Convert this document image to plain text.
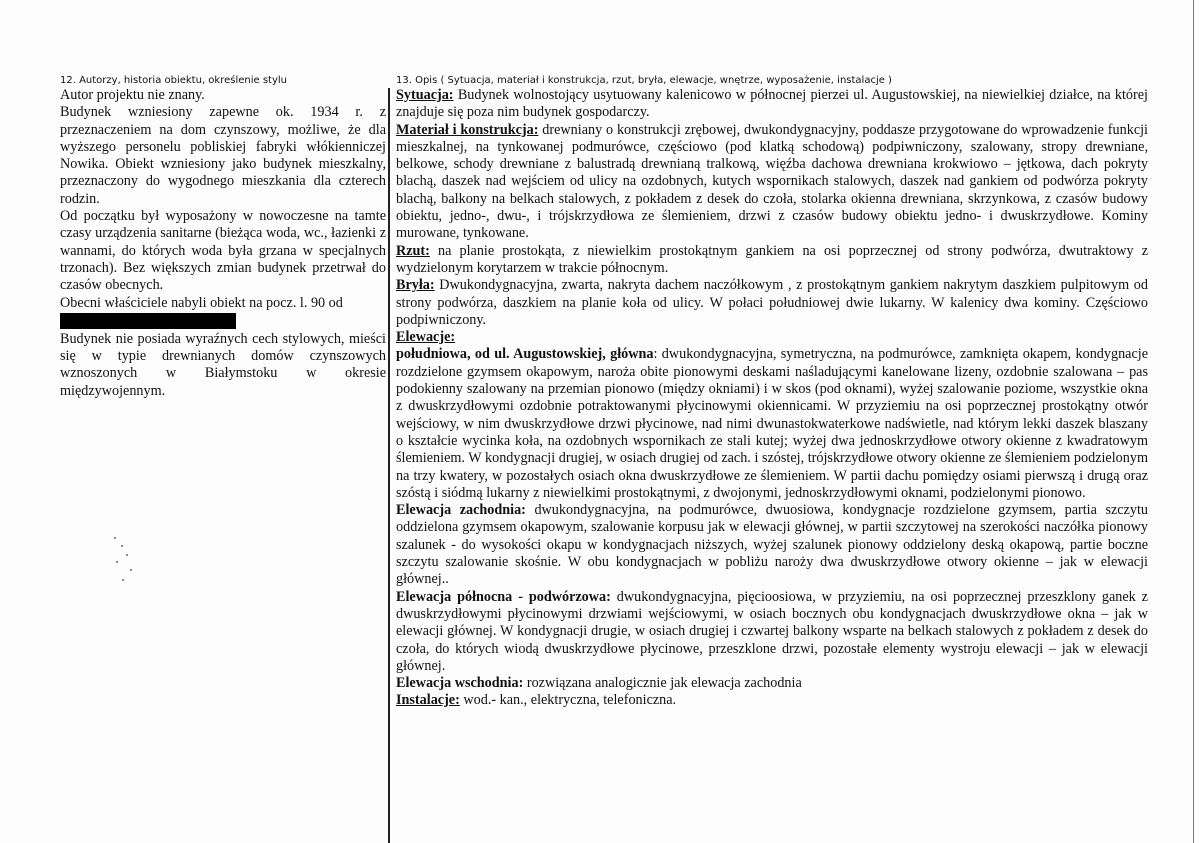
12. Autorzy, historia obiektu, określenie stylu

Autor projektu nie znany.

Budynek wzniesiony zapewne ok. 1934 r. z przeznaczeniem na dom czynszowy, możliwe, że dla wyższego personelu pobliskiej fabryki włókienniczej Nowika. Obiekt wzniesiony jako budynek mieszkalny, przeznaczony do wygodnego mieszkania dla czterech rodzin.

Od początku był wyposażony w nowoczesne na tamte czasy urządzenia sanitarne (bieżąca woda, wc., łazienki z wannami, do których woda była grzana w specjalnych trzonach). Bez większych zmian budynek przetrwał do czasów obecnych.

Obecni właściciele nabyli obiekt na pocz. l. 90 od

Budynek nie posiada wyraźnych cech stylowych, mieści się w typie drewnianych domów czynszowych wznoszonych w Białymstoku w okresie międzywojennym.

13. Opis ( Sytuacja, materiał i konstrukcja, rzut, bryła, elewacje, wnętrze, wyposażenie, instalacje )

Sytuacja: Budynek wolnostojący usytuowany kalenicowo w północnej pierzei ul. Augustowskiej, na niewielkiej działce, na której znajduje się poza nim budynek gospodarczy.

Materiał i konstrukcja: drewniany o konstrukcji zrębowej, dwukondygnacyjny, poddasze przygotowane do wprowadzenie funkcji mieszkalnej, na tynkowanej podmurówce, częściowo (pod klatką schodową) podpiwniczony, szalowany, stropy drewniane, belkowe, schody drewniane z balustradą drewnianą tralkową, więźba dachowa drewniana krokwiowo – jętkowa, dach pokryty blachą, daszek nad wejściem od ulicy na ozdobnych, kutych wspornikach stalowych, daszek nad gankiem od podwórza pokryty blachą, balkony na belkach stalowych, z pokładem z desek do czoła, stolarka okienna drewniana, skrzynkowa, z czasów budowy obiektu, jedno-, dwu-, i trójskrzydłowa ze ślemieniem, drzwi z czasów budowy obiektu jedno- i dwuskrzydłowe. Kominy murowane, tynkowane.

Rzut: na planie prostokąta, z niewielkim prostokątnym gankiem na osi poprzecznej od strony podwórza, dwutraktowy z wydzielonym korytarzem w trakcie północnym.

Bryła: Dwukondygnacyjna, zwarta, nakryta dachem naczółkowym , z prostokątnym gankiem nakrytym daszkiem pulpitowym od strony podwórza, daszkiem na planie koła od ulicy. W połaci południowej dwie lukarny. W kalenicy dwa kominy. Częściowo podpiwniczony.

Elewacje:

południowa, od ul. Augustowskiej, główna: dwukondygnacyjna, symetryczna, na podmurówce, zamknięta okapem, kondygnacje rozdzielone gzymsem okapowym, naroża obite pionowymi deskami naśladującymi kanelowane lizeny, ozdobnie szalowana – pas podokienny szalowany na przemian pionowo (między okniami) i w skos (pod oknami), wyżej szalowanie poziome, wszystkie okna z dwuskrzydłowymi ozdobnie potraktowanymi płycinowymi okiennicami. W przyziemiu na osi poprzecznej prostokątny otwór wejściowy, w nim dwuskrzydłowe drzwi płycinowe, nad nimi dwunastokwaterkowe nadświetle, nad którym lekki daszek blaszany o kształcie wycinka koła, na ozdobnych wspornikach ze stali kutej; wyżej dwa jednoskrzydłowe otwory okienne z kwadratowym ślemieniem. W kondygnacji drugiej, w osiach drugiej od zach. i szóstej, trójskrzydłowe otwory okienne ze ślemieniem podzielonym na trzy kwatery, w pozostałych osiach okna dwuskrzydłowe ze ślemieniem. W partii dachu pomiędzy osiami pierwszą i drugą oraz szóstą i siódmą lukarny z niewielkimi prostokątnymi, z dwojonymi, jednoskrzydłowymi oknami, podzielonymi pionowo.

Elewacja zachodnia: dwukondygnacyjna, na podmurówce, dwuosiowa, kondygnacje rozdzielone gzymsem, partia szczytu oddzielona gzymsem okapowym, szalowanie korpusu jak w elewacji głównej, w partii szczytowej na szerokości naczółka pionowy szalunek - do wysokości okapu w kondygnacjach niższych, wyżej szalunek pionowy oddzielony deską okapową, partie boczne szczytu szalowanie skośnie. W obu kondygnacjach w pobliżu naroży dwa dwuskrzydłowe otwory okienne – jak w elewacji głównej..

Elewacja północna - podwórzowa: dwukondygnacyjna, pięcioosiowa, w przyziemiu, na osi poprzecznej przeszklony ganek z dwuskrzydłowymi płycinowymi drzwiami wejściowymi, w osiach bocznych obu kondygnacjach dwuskrzydłowe okna – jak w elewacji głównej. W kondygnacji drugie, w osiach drugiej i czwartej balkony wsparte na belkach stalowych z pokładem z desek do czoła, do których wiodą dwuskrzydłowe płycinowe, przeszklone drzwi, pozostałe elementy wystroju elewacji – jak w elewacji głównej.

Elewacja wschodnia: rozwiązana analogicznie jak elewacja zachodnia

Instalacje: wod.- kan., elektryczna, telefoniczna.
